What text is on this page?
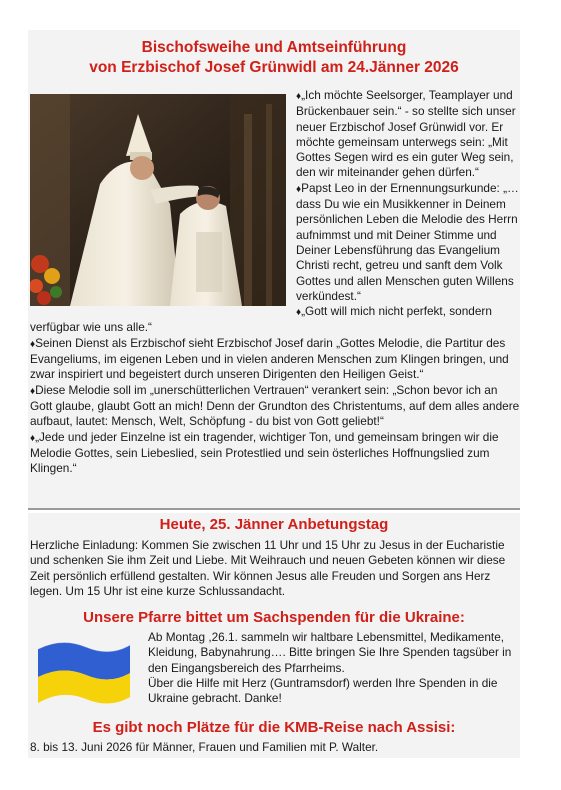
Bischofsweihe und Amtseinführung
von Erzbischof Josef Grünwidl am 24.Jänner 2026

♦„Ich möchte Seelsorger, Teamplayer und Brückenbauer sein.“ - so stellte sich unser neuer Erzbischof Josef Grünwidl vor. Er möchte gemeinsam unterwegs sein: „Mit Gottes Segen wird es ein guter Weg sein, den wir miteinander gehen dürfen.“

♦Papst Leo in der Ernennungsurkunde: „…dass Du wie ein Musikkenner in Deinem persönlichen Leben die Melodie des Herrn aufnimmst und mit Deiner Stimme und Deiner Lebensführung das Evangelium Christi recht, getreu und sanft dem Volk Gottes und allen Menschen guten Willens verkündest.“

♦„Gott will mich nicht perfekt, sondern verfügbar wie uns alle.“

♦Seinen Dienst als Erzbischof sieht Erzbischof Josef darin „Gottes Melodie, die Partitur des Evangeliums, im eigenen Leben und in vielen anderen Menschen zum Klingen bringen, und zwar inspiriert und begeistert durch unseren Dirigenten den Heiligen Geist.“

♦Diese Melodie soll im „unerschütterlichen Vertrauen“ verankert sein: „Schon bevor ich an Gott glaube, glaubt Gott an mich! Denn der Grundton des Christentums, auf dem alles andere aufbaut, lautet: Mensch, Welt, Schöpfung - du bist von Gott geliebt!“

♦„Jede und jeder Einzelne ist ein tragender, wichtiger Ton, und gemeinsam bringen wir die Melodie Gottes, sein Liebeslied, sein Protestlied und sein österliches Hoffnungslied zum Klingen.“

Heute, 25. Jänner Anbetungstag

Herzliche Einladung: Kommen Sie zwischen 11 Uhr und 15 Uhr zu Jesus in der Eucharistie und schenken Sie ihm Zeit und Liebe. Mit Weihrauch und neuen Gebeten können wir diese Zeit persönlich erfüllend gestalten. Wir können Jesus alle Freuden und Sorgen ans Herz legen. Um 15 Uhr ist eine kurze Schlussandacht.

Unsere Pfarre bittet um Sachspenden für die Ukraine:
Ab Montag ,26.1. sammeln wir haltbare Lebensmittel, Medikamente, Kleidung, Babynahrung…. Bitte bringen Sie Ihre Spenden tagsüber in den Eingangsbereich des Pfarrheims.
Über die Hilfe mit Herz (Guntramsdorf) werden Ihre Spenden in die Ukraine gebracht. Danke!
Es gibt noch Plätze für die KMB-Reise nach Assisi:

8. bis 13. Juni 2026 für Männer, Frauen und Familien mit P. Walter.
